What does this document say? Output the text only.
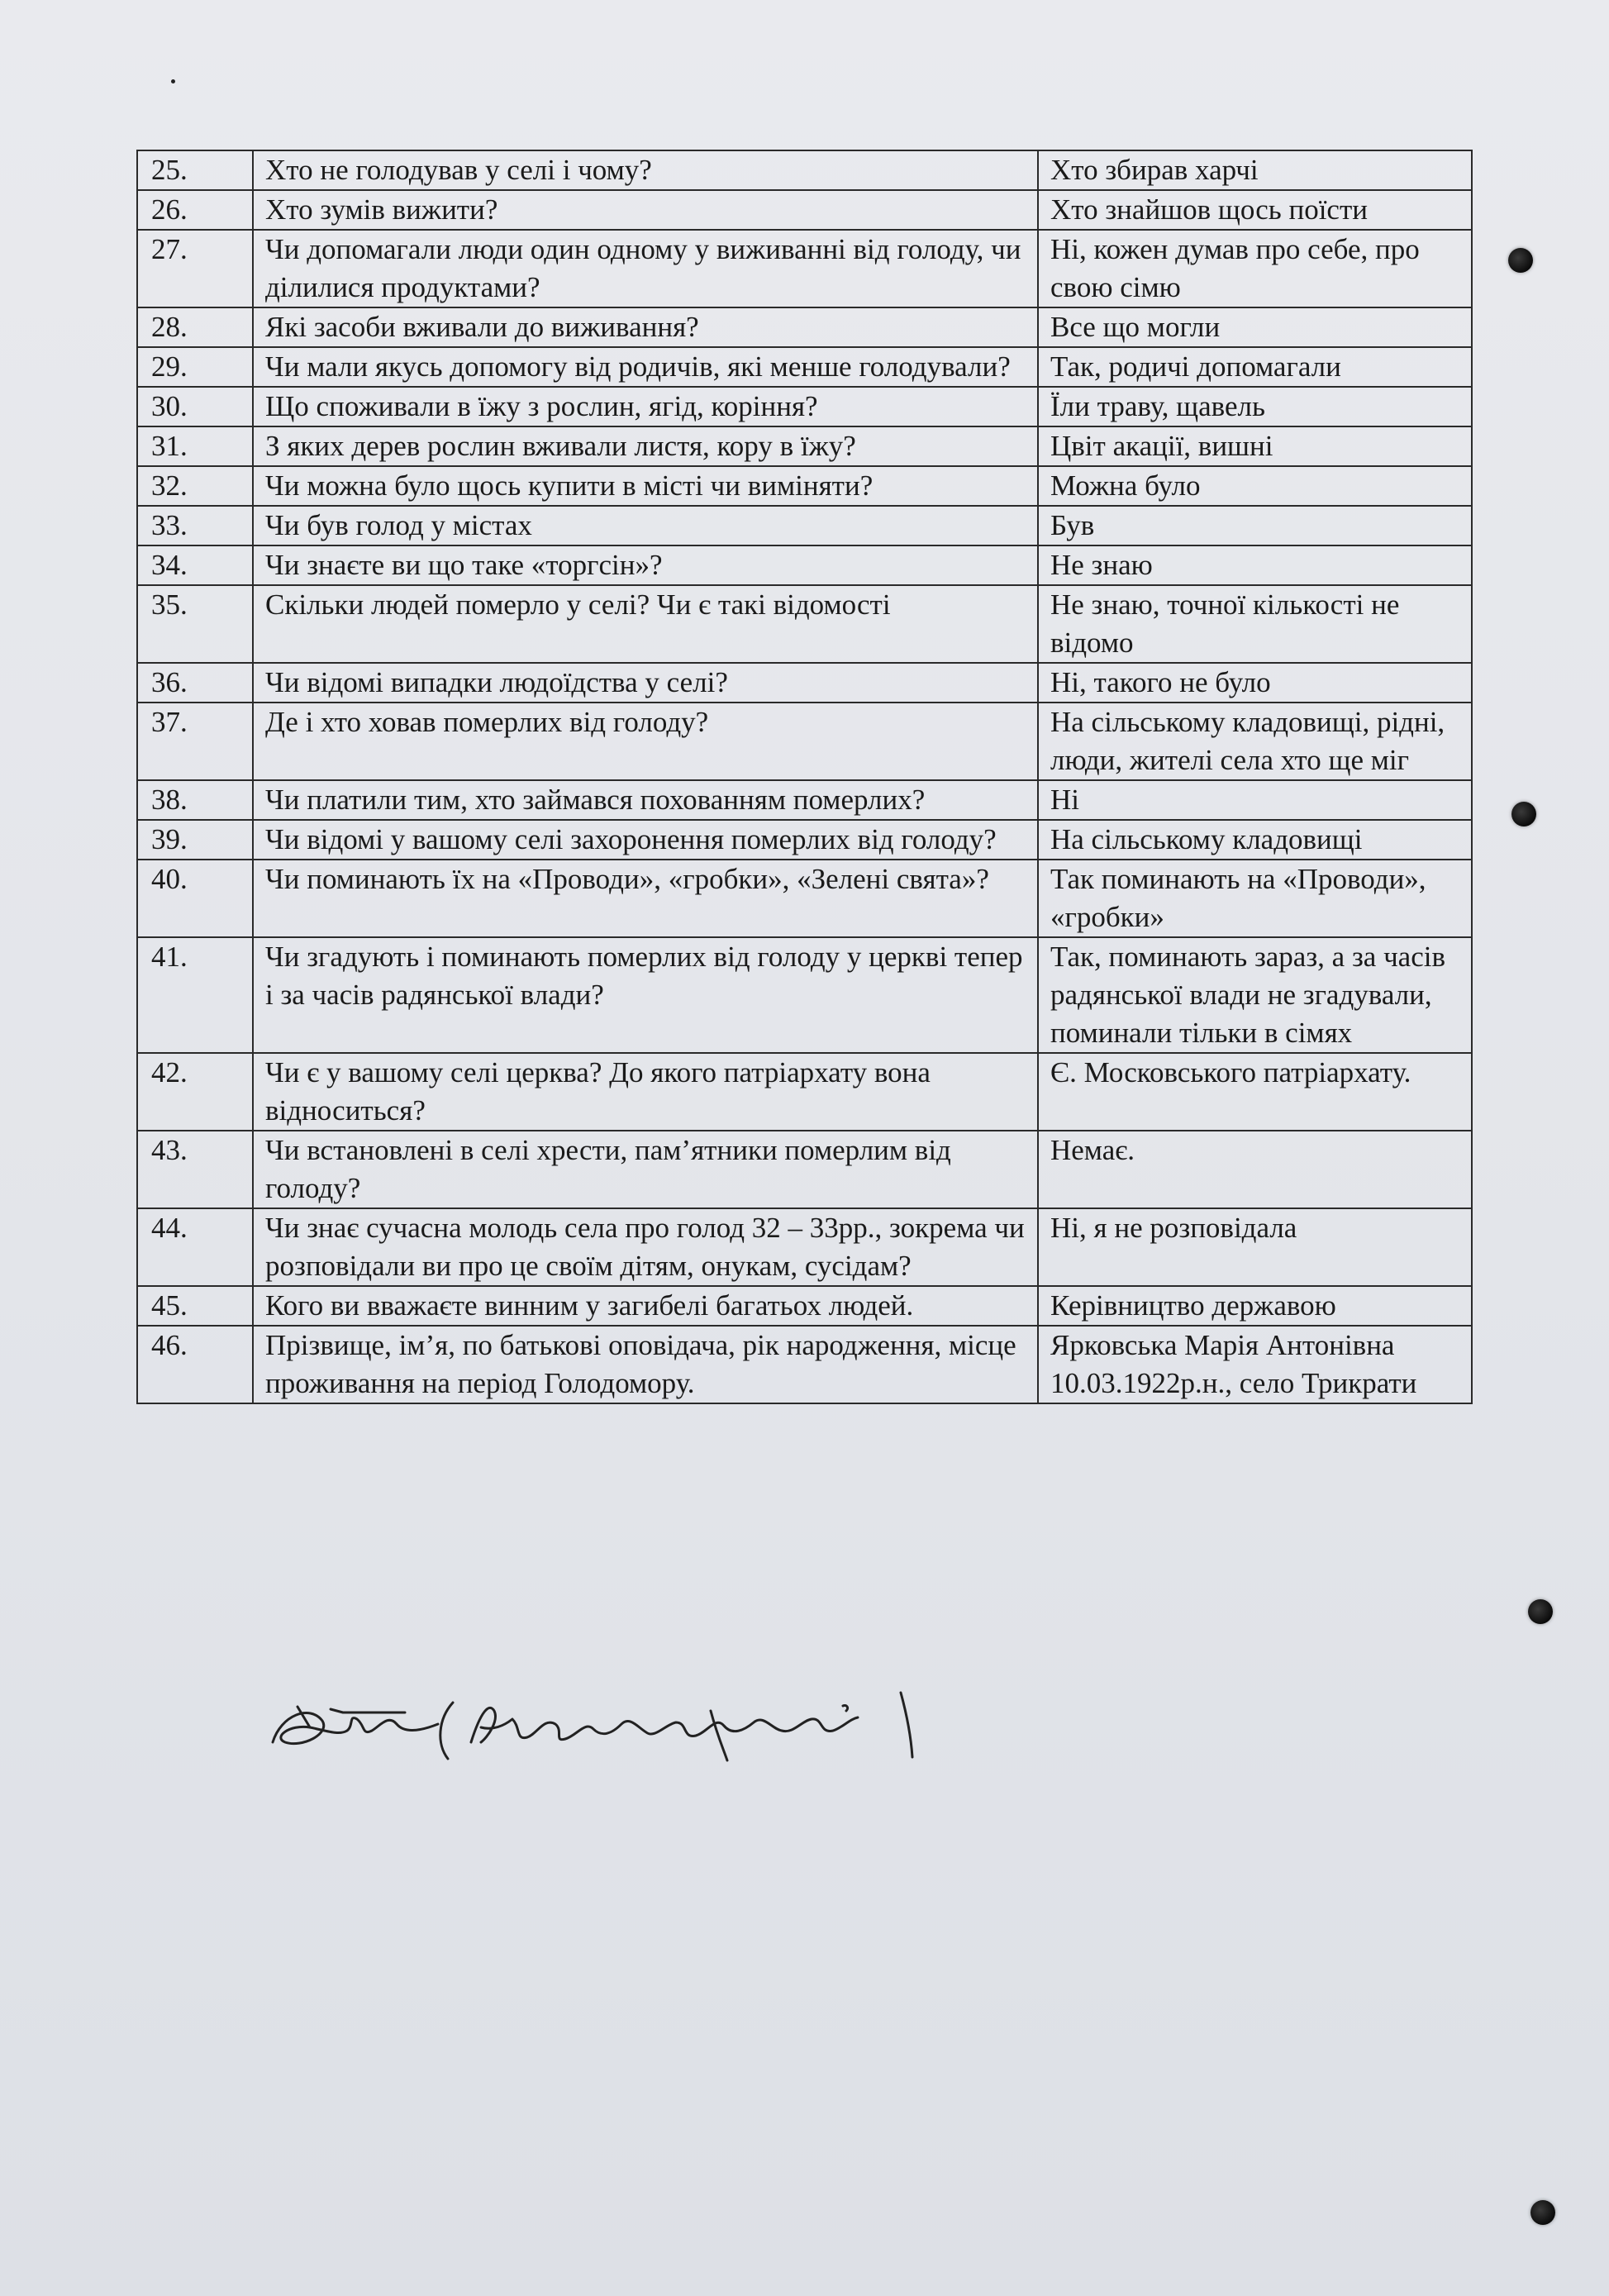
25.	Хто не голодував у селі і чому?	Хто збирав харчі
26.	Хто зумів вижити?	Хто знайшов щось поїсти
27.	Чи допомагали люди один одному у виживанні від голоду, чи ділилися продуктами?	Ні, кожен думав про себе, про свою сімю
28.	Які засоби вживали до виживання?	Все що могли
29.	Чи мали якусь допомогу від родичів, які менше голодували?	Так, родичі допомагали
30.	Що споживали в їжу з рослин, ягід, коріння?	Їли траву, щавель
31.	З яких дерев рослин вживали листя, кору в їжу?	Цвіт акації, вишні
32.	Чи можна було щось купити в місті чи виміняти?	Можна було
33.	Чи був голод у містах	Був
34.	Чи знаєте ви що таке «торгсін»?	Не знаю
35.	Скільки людей померло у селі? Чи є такі відомості	Не знаю, точної кількості не відомо
36.	Чи відомі випадки людоїдства у селі?	Ні, такого не було
37.	Де і хто ховав померлих від голоду?	На сільському кладовищі, рідні, люди, жителі села хто ще міг
38.	Чи платили тим, хто займався похованням померлих?	Ні
39.	Чи відомі у вашому селі захоронення померлих від голоду?	На сільському кладовищі
40.	Чи поминають їх на «Проводи», «гробки», «Зелені свята»?	Так поминають на «Проводи», «гробки»
41.	Чи згадують і поминають померлих від голоду у церкві тепер і за часів радянської влади?	Так, поминають зараз, а за часів радянської влади не згадували, поминали тільки в сімях
42.	Чи є у вашому селі церква? До якого патріархату вона відноситься?	Є. Московського патріархату.
43.	Чи встановлені в селі хрести, пам’ятники померлим від голоду?	Немає.
44.	Чи знає сучасна молодь села про голод 32 – 33рр., зокрема чи розповідали ви про це своїм дітям, онукам, сусідам?	Ні, я не розповідала
45.	Кого ви вважаєте винним у загибелі багатьох людей.	Керівництво державою
46.	Прізвище, ім’я, по батькові оповідача, рік народження, місце проживання на період Голодомору.	Ярковська Марія Антонівна 10.03.1922р.н., село Трикрати
